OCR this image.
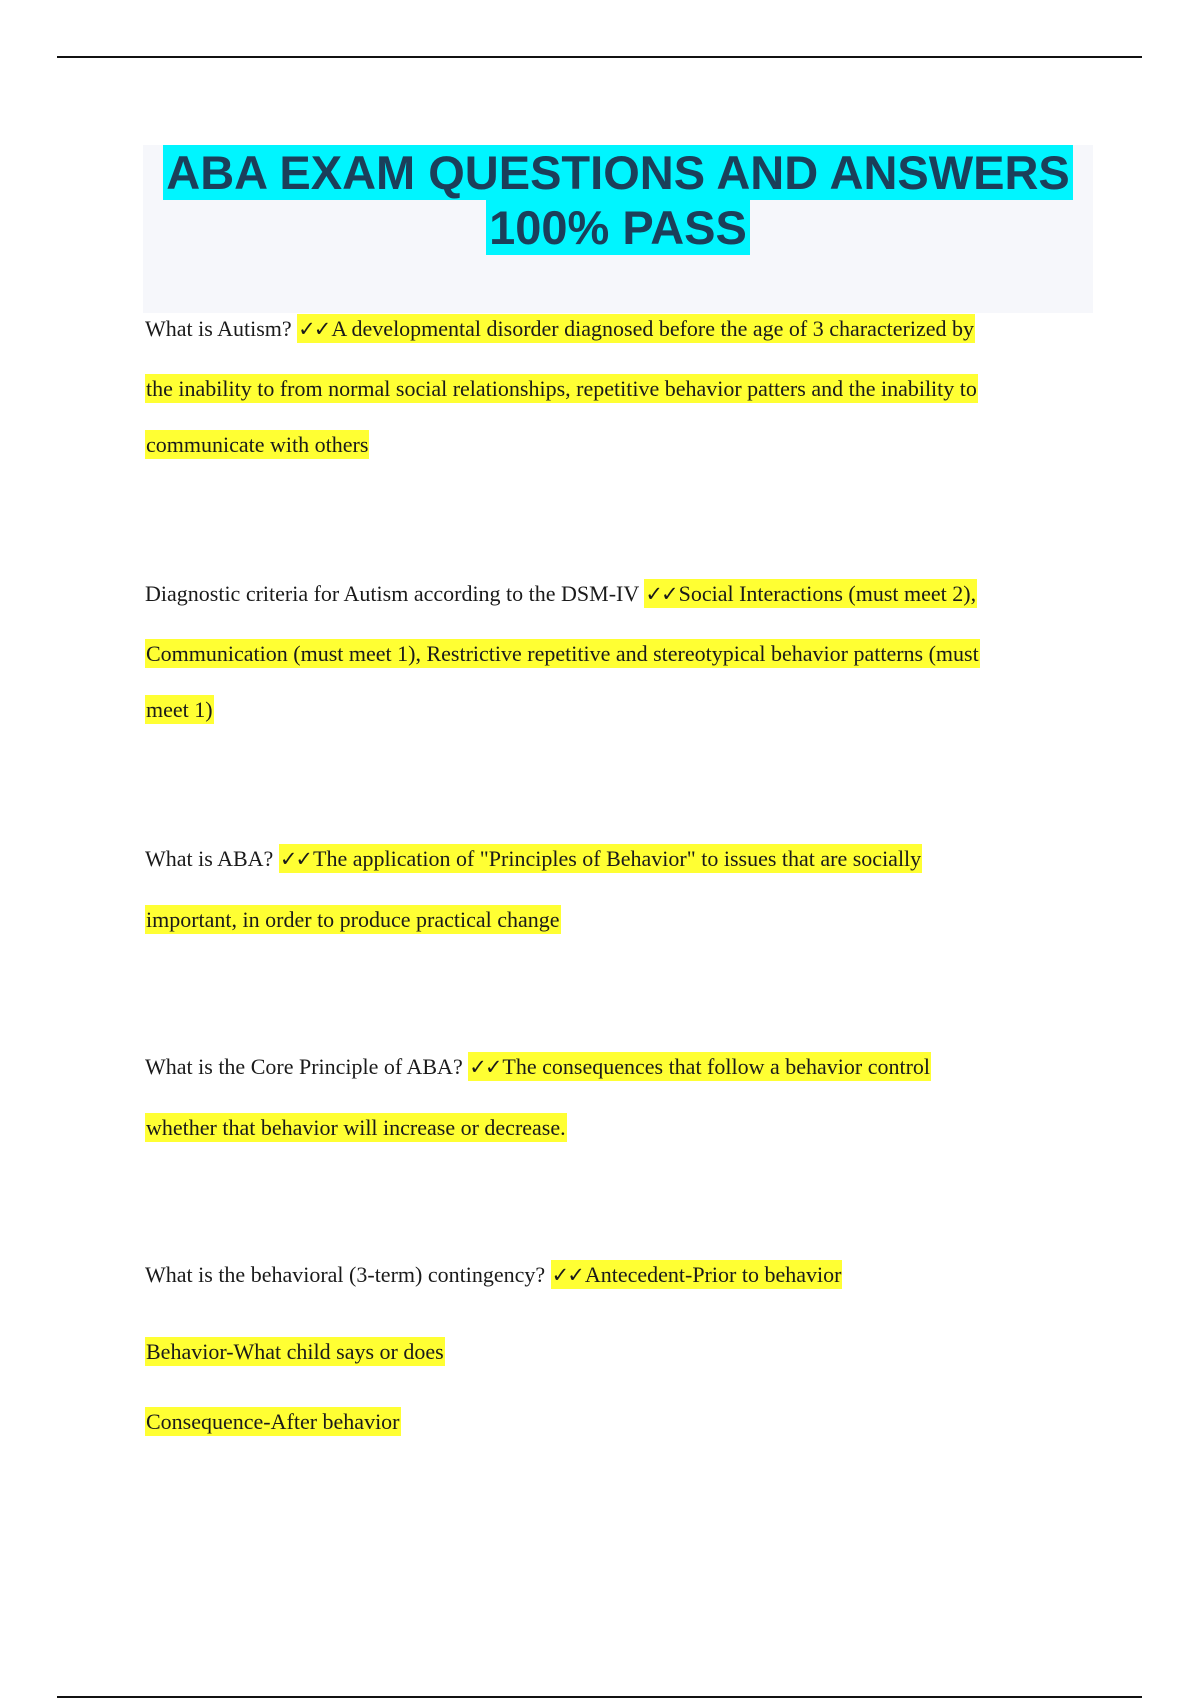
ABA EXAM QUESTIONS AND ANSWERS
100% PASS
What is Autism? ✓✓A developmental disorder diagnosed before the age of 3 characterized by
the inability to from normal social relationships, repetitive behavior patters and the inability to
communicate with others
Diagnostic criteria for Autism according to the DSM-IV ✓✓Social Interactions (must meet 2),
Communication (must meet 1), Restrictive repetitive and stereotypical behavior patterns (must
meet 1)
What is ABA? ✓✓The application of "Principles of Behavior" to issues that are socially
important, in order to produce practical change
What is the Core Principle of ABA? ✓✓The consequences that follow a behavior control
whether that behavior will increase or decrease.
What is the behavioral (3-term) contingency? ✓✓Antecedent-Prior to behavior
Behavior-What child says or does
Consequence-After behavior
